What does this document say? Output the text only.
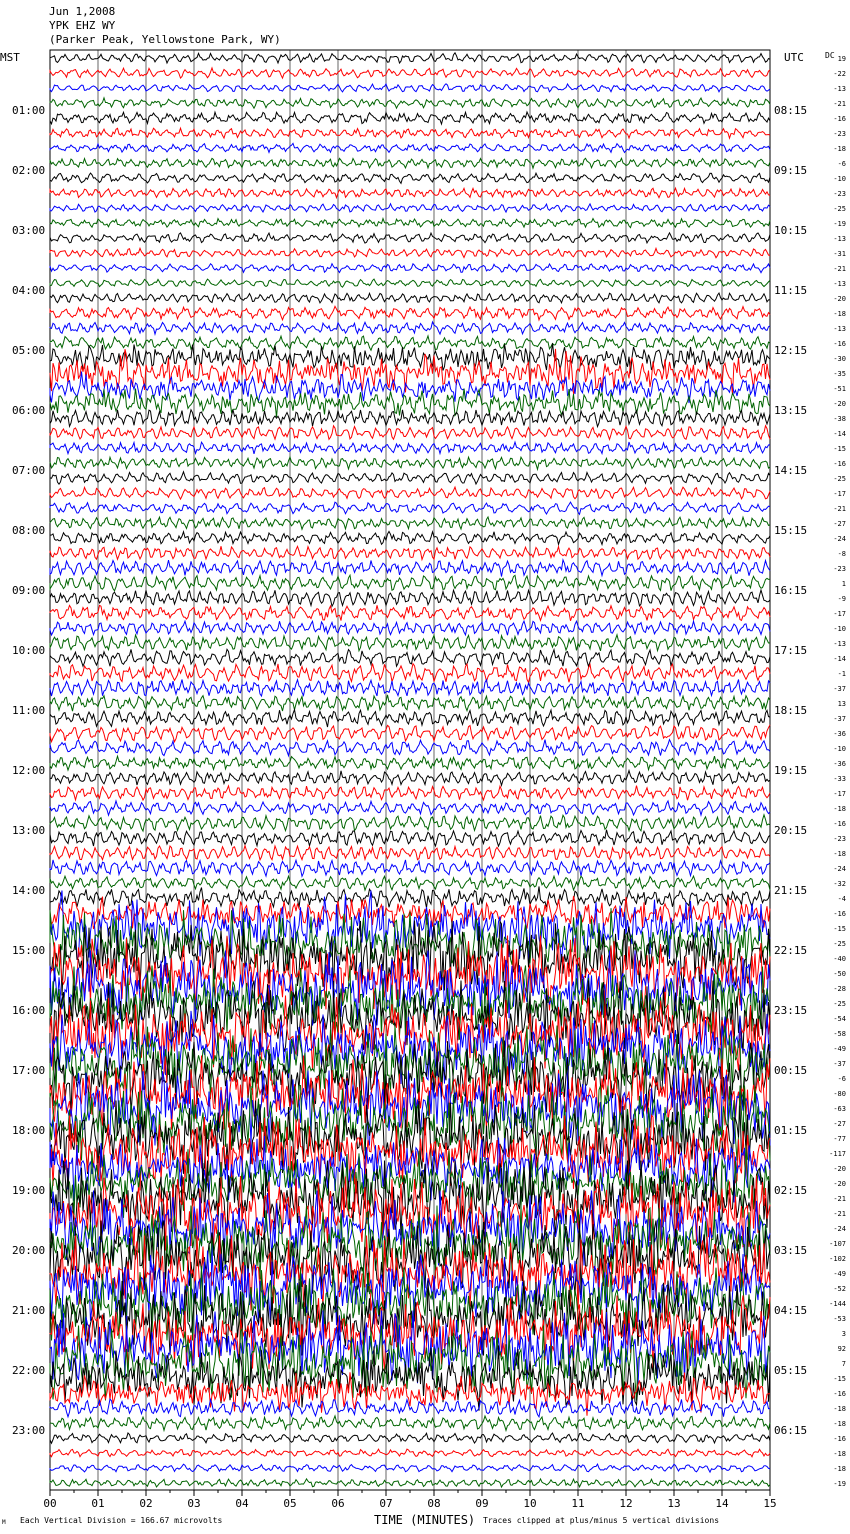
Jun 1,2008
YPK EHZ WY
(Parker Peak, Yellowstone Park, WY)
01:00
02:00
03:00
04:00
05:00
06:00
07:00
08:00
09:00
10:00
11:00
12:00
13:00
14:00
15:00
16:00
17:00
18:00
19:00
20:00
21:00
22:00
23:00
08:15
09:15
10:15
11:15
12:15
13:15
14:15
15:15
16:15
17:15
18:15
19:15
20:15
21:15
22:15
23:15
00:15
01:15
02:15
03:15
04:15
05:15
06:15
19
-22
-13
-21
-16
-23
-18
-6
-10
-23
-25
-19
-13
-31
-21
-13
-20
-18
-13
-16
-30
-35
-51
-20
-38
-14
-15
-16
-25
-17
-21
-27
-24
-8
-23
1
-9
-17
-10
-13
-14
-1
-37
13
-37
-36
-10
-36
-33
-17
-18
-16
-23
-18
-24
-32
-4
-16
-15
-25
-40
-50
-28
-25
-54
-58
-49
-37
-6
-80
-63
-27
-77
-117
-20
-20
-21
-21
-24
-107
-102
-49
-52
-144
-53
3
92
7
-15
-16
-18
-18
-16
-18
-18
-19
00	01	02	03	04	05	06	07	08	09	10	11	12	13	14	15
MST	UTC	DC
TIME (MINUTES)
M Each Vertical Division = 166.67 microvolts	Traces clipped at plus/minus 5 vertical divisions
